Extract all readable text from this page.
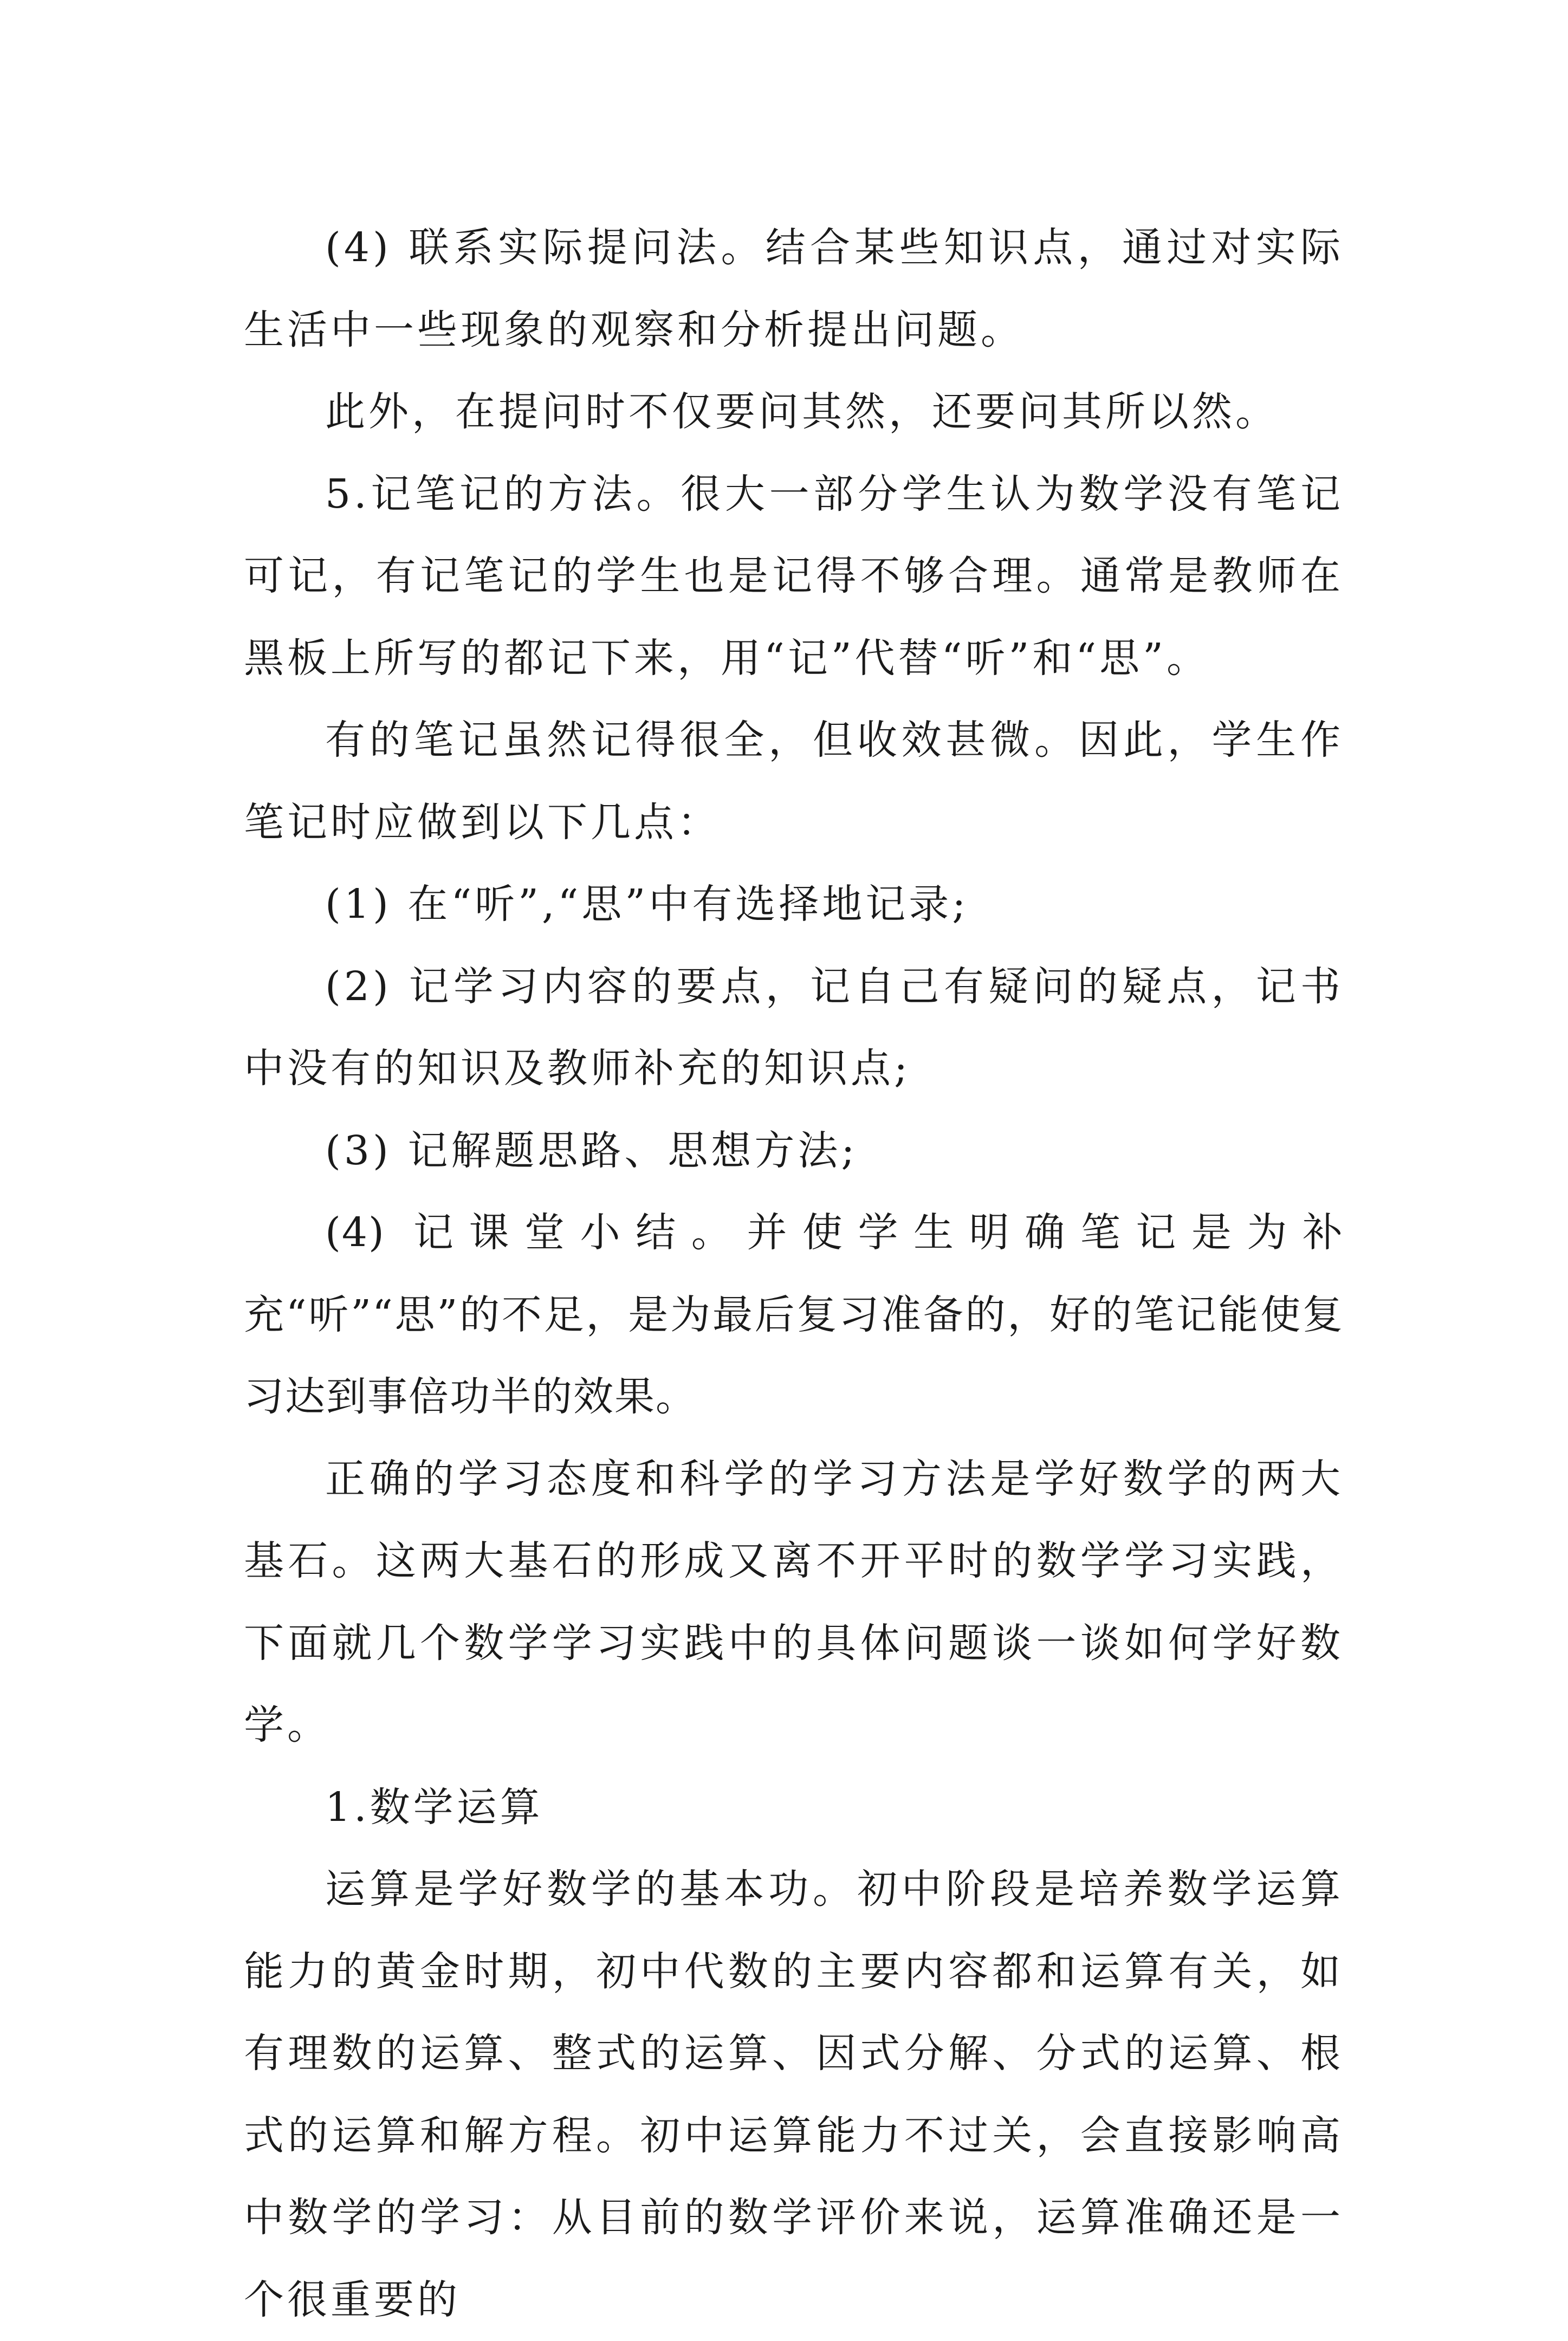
(4) 联系实际提问法。结合某些知识点，通过对实际生活中一些现象的观察和分析提出问题。

此外，在提问时不仅要问其然，还要问其所以然。

5.记笔记的方法。很大一部分学生认为数学没有笔记可记，有记笔记的学生也是记得不够合理。通常是教师在黑板上所写的都记下来，用“记”代替“听”和“思”。

有的笔记虽然记得很全，但收效甚微。因此，学生作笔记时应做到以下几点：

(1) 在“听”,“思”中有选择地记录;

(2) 记学习内容的要点，记自己有疑问的疑点，记书中没有的知识及教师补充的知识点;

(3) 记解题思路、思想方法;

(4) 记课堂小结。并使学生明确笔记是为补充“听”“思”的不足，是为最后复习准备的，好的笔记能使复习达到事倍功半的效果。

正确的学习态度和科学的学习方法是学好数学的两大基石。这两大基石的形成又离不开平时的数学学习实践，下面就几个数学学习实践中的具体问题谈一谈如何学好数学。

1.数学运算

运算是学好数学的基本功。初中阶段是培养数学运算能力的黄金时期，初中代数的主要内容都和运算有关，如有理数的运算、整式的运算、因式分解、分式的运算、根式的运算和解方程。初中运算能力不过关，会直接影响高中数学的学习：从目前的数学评价来说，运算准确还是一个很重要的
